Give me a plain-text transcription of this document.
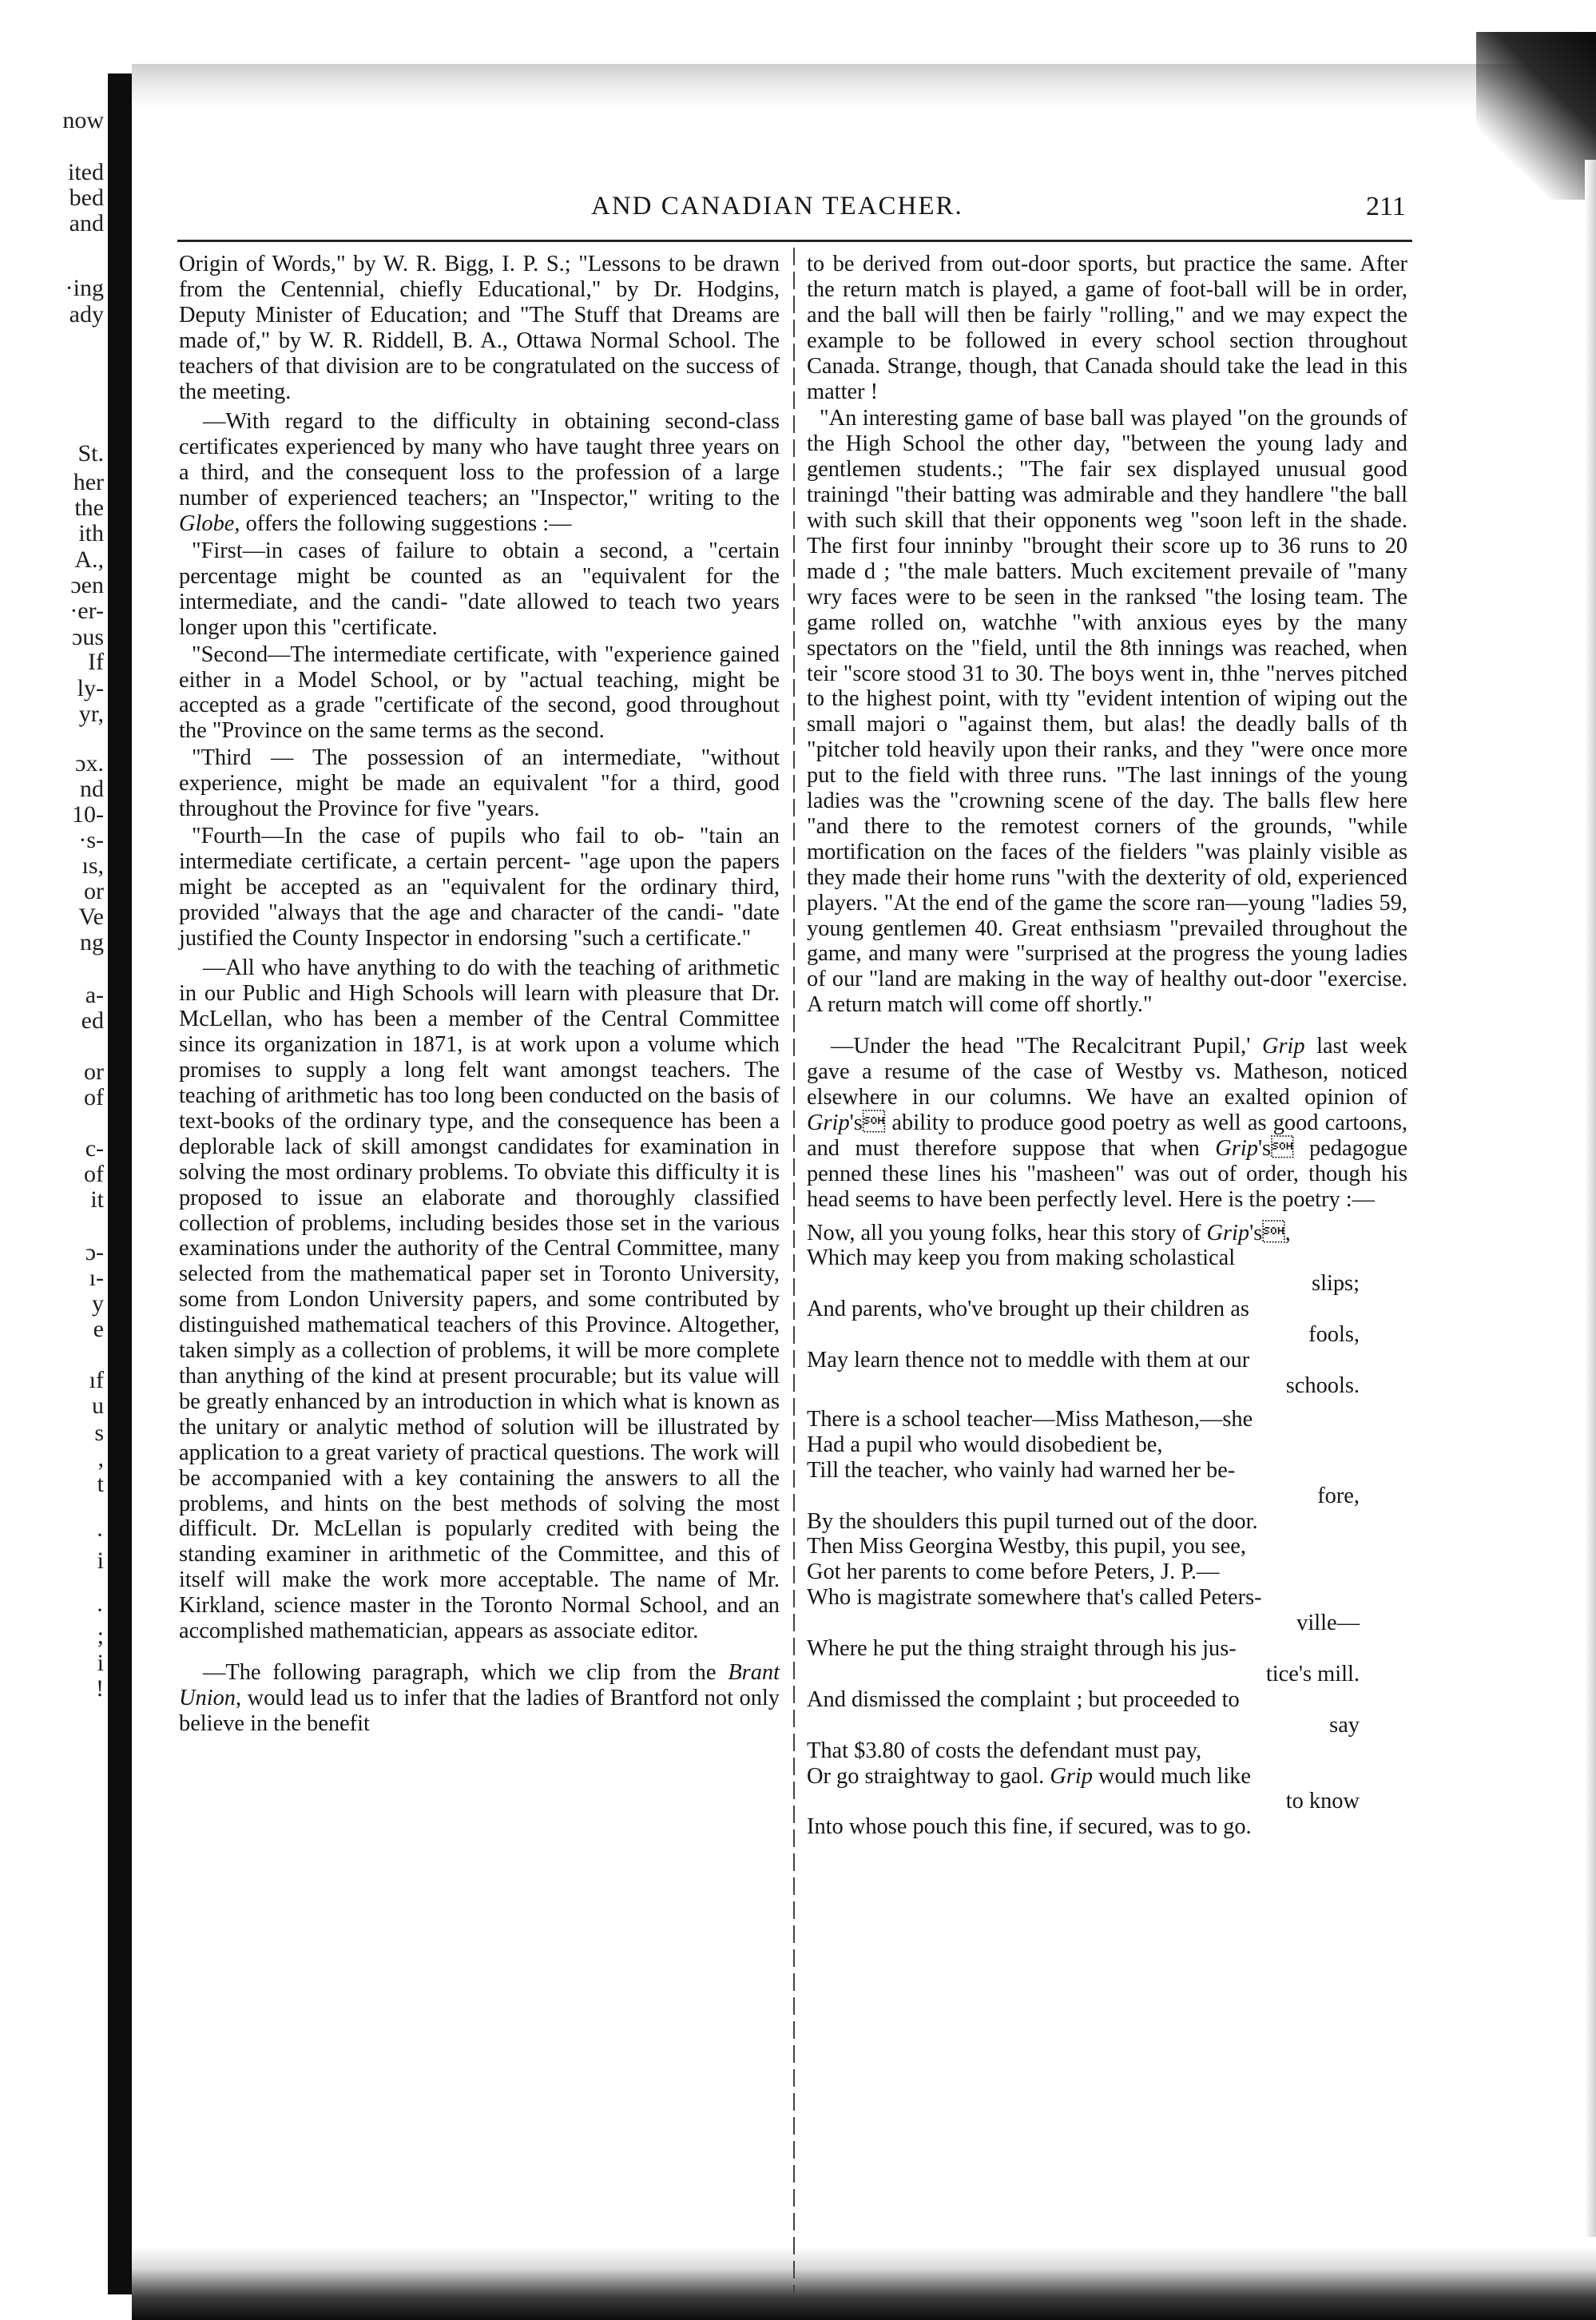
now
ited
bed
and
·ing
ady
St.
her
the
ith
A.,
ɔen
·er-
ɔus
If
ly-
yr,
ɔx.
nd
10-
·s-
ıs,
or
Ve
ng
a-
ed
or
of
c-
of
it
ɔ-
ı-
y
e
ıf
u
s
,
t
·
i
·
;
i
!
AND CANADIAN TEACHER.	211

Origin of Words," by W. R. Bigg, I. P. S.; "Lessons to be drawn from the Centennial, chiefly Educational," by Dr. Hodgins, Deputy Minister of Education; and "The Stuff that Dreams are made of," by W. R. Riddell, B. A., Ottawa Normal School. The teachers of that division are to be congratulated on the success of the meeting.

—With regard to the difficulty in obtaining second-class certificates experienced by many who have taught three years on a third, and the consequent loss to the profession of a large number of experienced teachers; an "Inspector," writing to the Globe, offers the following suggestions :—

"First—in cases of failure to obtain a second, a "certain percentage might be counted as an "equivalent for the intermediate, and the candi- "date allowed to teach two years longer upon this "certificate.

"Second—The intermediate certificate, with "experience gained either in a Model School, or by "actual teaching, might be accepted as a grade "certificate of the second, good throughout the "Province on the same terms as the second.

"Third — The possession of an intermediate, "without experience, might be made an equivalent "for a third, good throughout the Province for five "years.

"Fourth—In the case of pupils who fail to ob- "tain an intermediate certificate, a certain percent- "age upon the papers might be accepted as an "equivalent for the ordinary third, provided "always that the age and character of the candi- "date justified the County Inspector in endorsing "such a certificate."

—All who have anything to do with the teaching of arithmetic in our Public and High Schools will learn with pleasure that Dr. McLellan, who has been a member of the Central Committee since its organization in 1871, is at work upon a volume which promises to supply a long felt want amongst teachers. The teaching of arithmetic has too long been conducted on the basis of text-books of the ordinary type, and the consequence has been a deplorable lack of skill amongst candidates for examination in solving the most ordinary problems. To obviate this difficulty it is proposed to issue an elaborate and thoroughly classified collection of problems, including besides those set in the various examinations under the authority of the Central Committee, many selected from the mathematical paper set in Toronto University, some from London University papers, and some contributed by distinguished mathematical teachers of this Province. Altogether, taken simply as a collection of problems, it will be more complete than anything of the kind at present procurable; but its value will be greatly enhanced by an introduction in which what is known as the unitary or analytic method of solution will be illustrated by application to a great variety of practical questions. The work will be accompanied with a key containing the answers to all the problems, and hints on the best methods of solving the most difficult. Dr. McLellan is popularly credited with being the standing examiner in arithmetic of the Committee, and this of itself will make the work more acceptable. The name of Mr. Kirkland, science master in the Toronto Normal School, and an accomplished mathematician, appears as associate editor.

—The following paragraph, which we clip from the Brant Union, would lead us to infer that the ladies of Brantford not only believe in the benefit

to be derived from out-door sports, but practice the same. After the return match is played, a game of foot-ball will be in order, and the ball will then be fairly "rolling," and we may expect the example to be followed in every school section throughout Canada. Strange, though, that Canada should take the lead in this matter !

"An interesting game of base ball was played "on the grounds of the High School the other day, "between the young lady and gentlemen students.; "The fair sex displayed unusual good trainingd "their batting was admirable and they handlere "the ball with such skill that their opponents weg "soon left in the shade. The first four inninby "brought their score up to 36 runs to 20 made d ; "the male batters. Much excitement prevaile of "many wry faces were to be seen in the ranksed "the losing team. The game rolled on, watchhe "with anxious eyes by the many spectators on the "field, until the 8th innings was reached, when teir "score stood 31 to 30. The boys went in, thhe "nerves pitched to the highest point, with tty "evident intention of wiping out the small majori o "against them, but alas! the deadly balls of th "pitcher told heavily upon their ranks, and they "were once more put to the field with three runs. "The last innings of the young ladies was the "crowning scene of the day. The balls flew here "and there to the remotest corners of the grounds, "while mortification on the faces of the fielders "was plainly visible as they made their home runs "with the dexterity of old, experienced players. "At the end of the game the score ran—young "ladies 59, young gentlemen 40. Great enthsiasm "prevailed throughout the game, and many were "surprised at the progress the young ladies of our "land are making in the way of healthy out-door "exercise. A return match will come off shortly."

—Under the head "The Recalcitrant Pupil,' Grip last week gave a resume of the case of Westby vs. Matheson, noticed elsewhere in our columns. We have an exalted opinion of Grip's ability to produce good poetry as well as good cartoons, and must therefore suppose that when Grip's pedagogue penned these lines his "masheen" was out of order, though his head seems to have been perfectly level. Here is the poetry :—

Now, all you young folks, hear this story of Grip's,
Which may keep you from making scholastical
slips;
And parents, who've brought up their children as
fools,
May learn thence not to meddle with them at our
schools.
There is a school teacher—Miss Matheson,—she
Had a pupil who would disobedient be,
Till the teacher, who vainly had warned her be-
fore,
By the shoulders this pupil turned out of the door.
Then Miss Georgina Westby, this pupil, you see,
Got her parents to come before Peters, J. P.—
Who is magistrate somewhere that's called Peters-
ville—
Where he put the thing straight through his jus-
tice's mill.
And dismissed the complaint ; but proceeded to
say
That $3.80 of costs the defendant must pay,
Or go straightway to gaol. Grip would much like
to know
Into whose pouch this fine, if secured, was to go.
